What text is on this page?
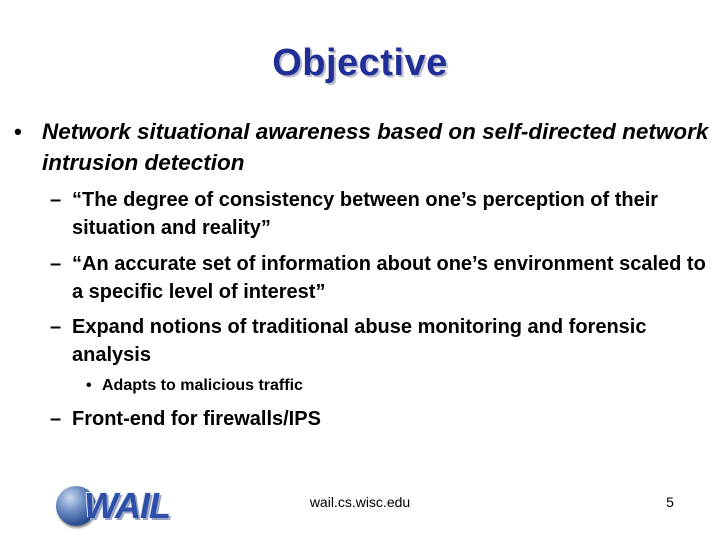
Objective
• Network situational awareness based on self-directed network intrusion detection
– “The degree of consistency between one’s perception of their situation and reality”
– “An accurate set of information about one’s environment scaled to a specific level of interest”
– Expand notions of traditional abuse monitoring and forensic analysis
• Adapts to malicious traffic
– Front-end for firewalls/IPS
WAIL	wail.cs.wisc.edu	5
